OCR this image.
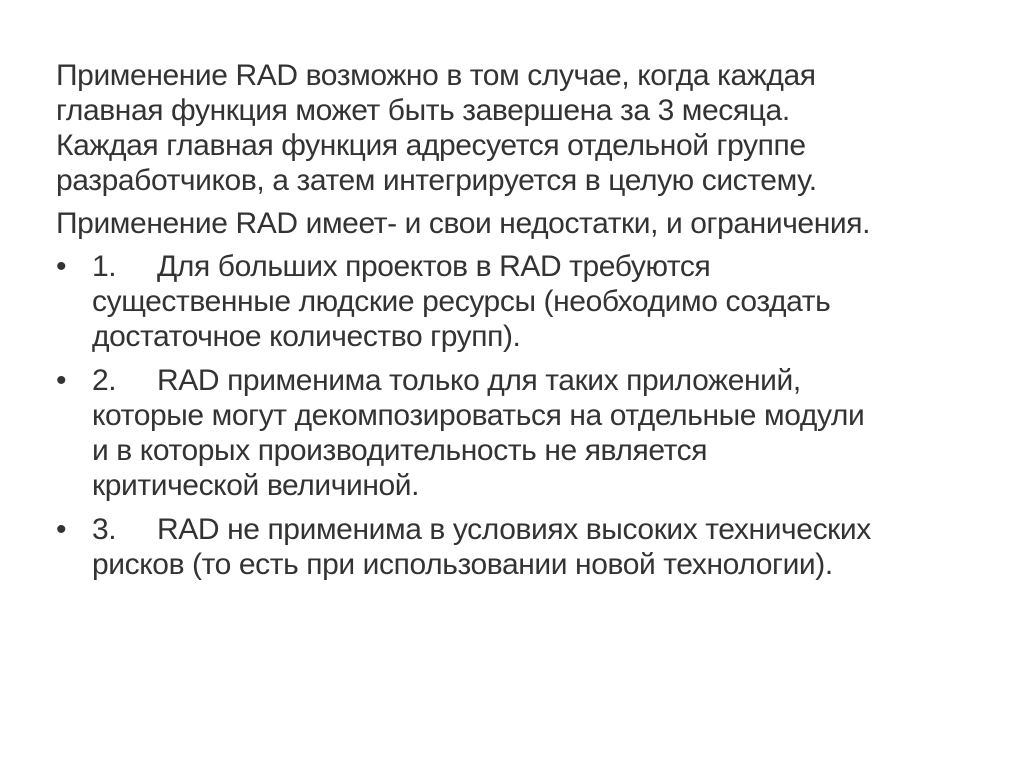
Применение RAD возможно в том случае, когда каждая

главная функция может быть завершена за 3 месяца.

Каждая главная функция адресуется отдельной группе

разработчиков, а затем интегрируется в целую систему.

Применение RAD имеет- и свои недостатки, и ограничения.

• 1. Для больших проектов в RAD требуются

существенные людские ресурсы (необходимо создать

достаточное количество групп).

• 2. RAD применима только для таких приложений,

которые могут декомпозироваться на отдельные модули

и в которых производительность не является

критической величиной.

• 3. RAD не применима в условиях высоких технических

рисков (то есть при использовании новой технологии).
